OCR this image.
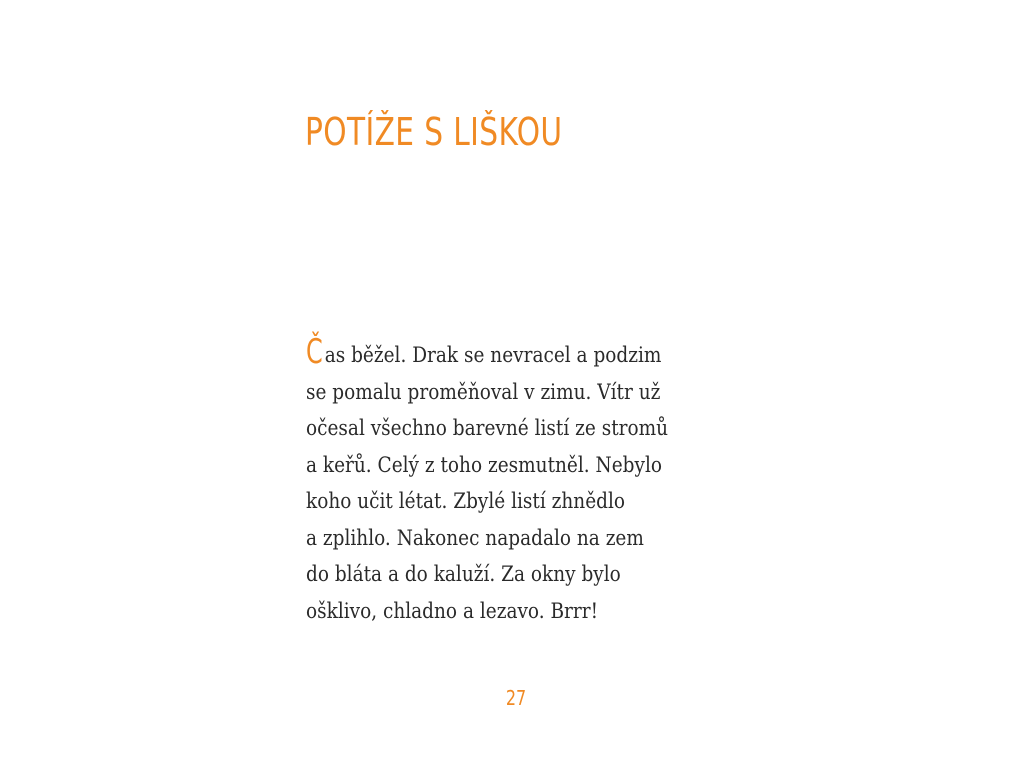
POTÍŽE S LIŠKOU
Čas běžel. Drak se nevracel a podzim
se pomalu proměňoval v zimu. Vítr už
očesal všechno barevné listí ze stromů
a keřů. Celý z toho zesmutněl. Nebylo
koho učit létat. Zbylé listí zhnědlo
a zplihlo. Nakonec napadalo na zem
do bláta a do kaluží. Za okny bylo
ošklivo, chladno a lezavo. Brrr!
27
